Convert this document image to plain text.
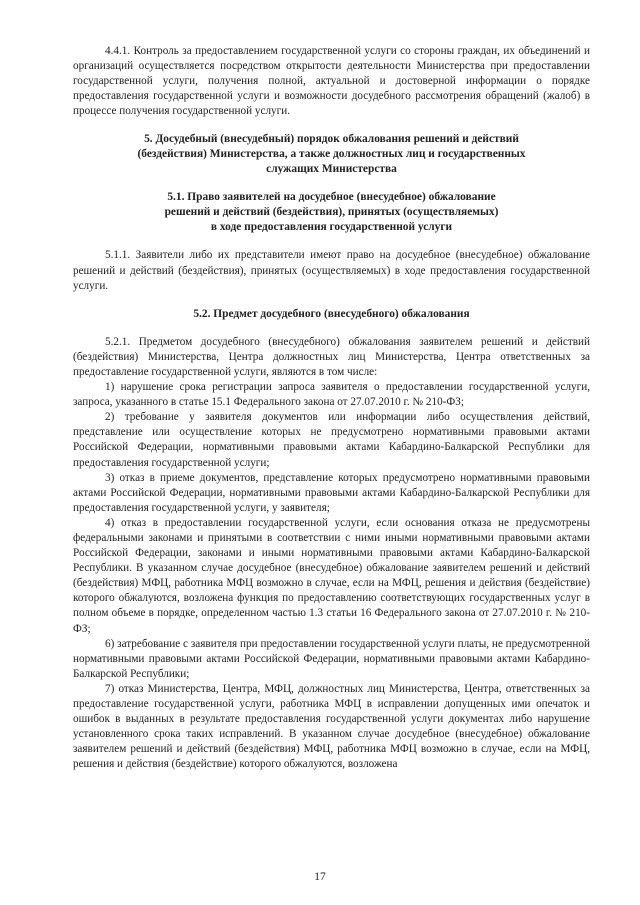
4.4.1. Контроль за предоставлением государственной услуги со стороны граждан, их объединений и организаций осуществляется посредством открытости деятельности Министерства при предоставлении государственной услуги, получения полной, актуальной и достоверной информации о порядке предоставления государственной услуги и возможности досудебного рассмотрения обращений (жалоб) в процессе получения государственной услуги.

5. Досудебный (внесудебный) порядок обжалования решений и действий

(бездействия) Министерства, а также должностных лиц и государственных

служащих Министерства

5.1. Право заявителей на досудебное (внесудебное) обжалование

решений и действий (бездействия), принятых (осуществляемых)

в ходе предоставления государственной услуги

5.1.1. Заявители либо их представители имеют право на досудебное (внесудебное) обжалование решений и действий (бездействия), принятых (осуществляемых) в ходе предоставления государственной услуги.

5.2. Предмет досудебного (внесудебного) обжалования

5.2.1. Предметом досудебного (внесудебного) обжалования заявителем решений и действий (бездействия) Министерства, Центра должностных лиц Министерства, Центра ответственных за предоставление государственной услуги, являются в том числе:

1) нарушение срока регистрации запроса заявителя о предоставлении государственной услуги, запроса, указанного в статье 15.1 Федерального закона от 27.07.2010 г. № 210-ФЗ;

2) требование у заявителя документов или информации либо осуществления действий, представление или осуществление которых не предусмотрено нормативными правовыми актами Российской Федерации, нормативными правовыми актами Кабардино-Балкарской Республики для предоставления государственной услуги;

3) отказ в приеме документов, представление которых предусмотрено нормативными правовыми актами Российской Федерации, нормативными правовыми актами Кабардино-Балкарской Республики для предоставления государственной услуги, у заявителя;

4) отказ в предоставлении государственной услуги, если основания отказа не предусмотрены федеральными законами и принятыми в соответствии с ними иными нормативными правовыми актами Российской Федерации, законами и иными нормативными правовыми актами Кабардино-Балкарской Республики. В указанном случае досудебное (внесудебное) обжалование заявителем решений и действий (бездействия) МФЦ, работника МФЦ возможно в случае, если на МФЦ, решения и действия (бездействие) которого обжалуются, возложена функция по предоставлению соответствующих государственных услуг в полном объеме в порядке, определенном частью 1.3 статьи 16 Федерального закона от 27.07.2010 г. № 210-ФЗ;

6) затребование с заявителя при предоставлении государственной услуги платы, не предусмотренной нормативными правовыми актами Российской Федерации, нормативными правовыми актами Кабардино-Балкарской Республики;

7) отказ Министерства, Центра, МФЦ, должностных лиц Министерства, Центра, ответственных за предоставление государственной услуги, работника МФЦ в исправлении допущенных ими опечаток и ошибок в выданных в результате предоставления государственной услуги документах либо нарушение установленного срока таких исправлений. В указанном случае досудебное (внесудебное) обжалование заявителем решений и действий (бездействия) МФЦ, работника МФЦ возможно в случае, если на МФЦ, решения и действия (бездействие) которого обжалуются, возложена

17
